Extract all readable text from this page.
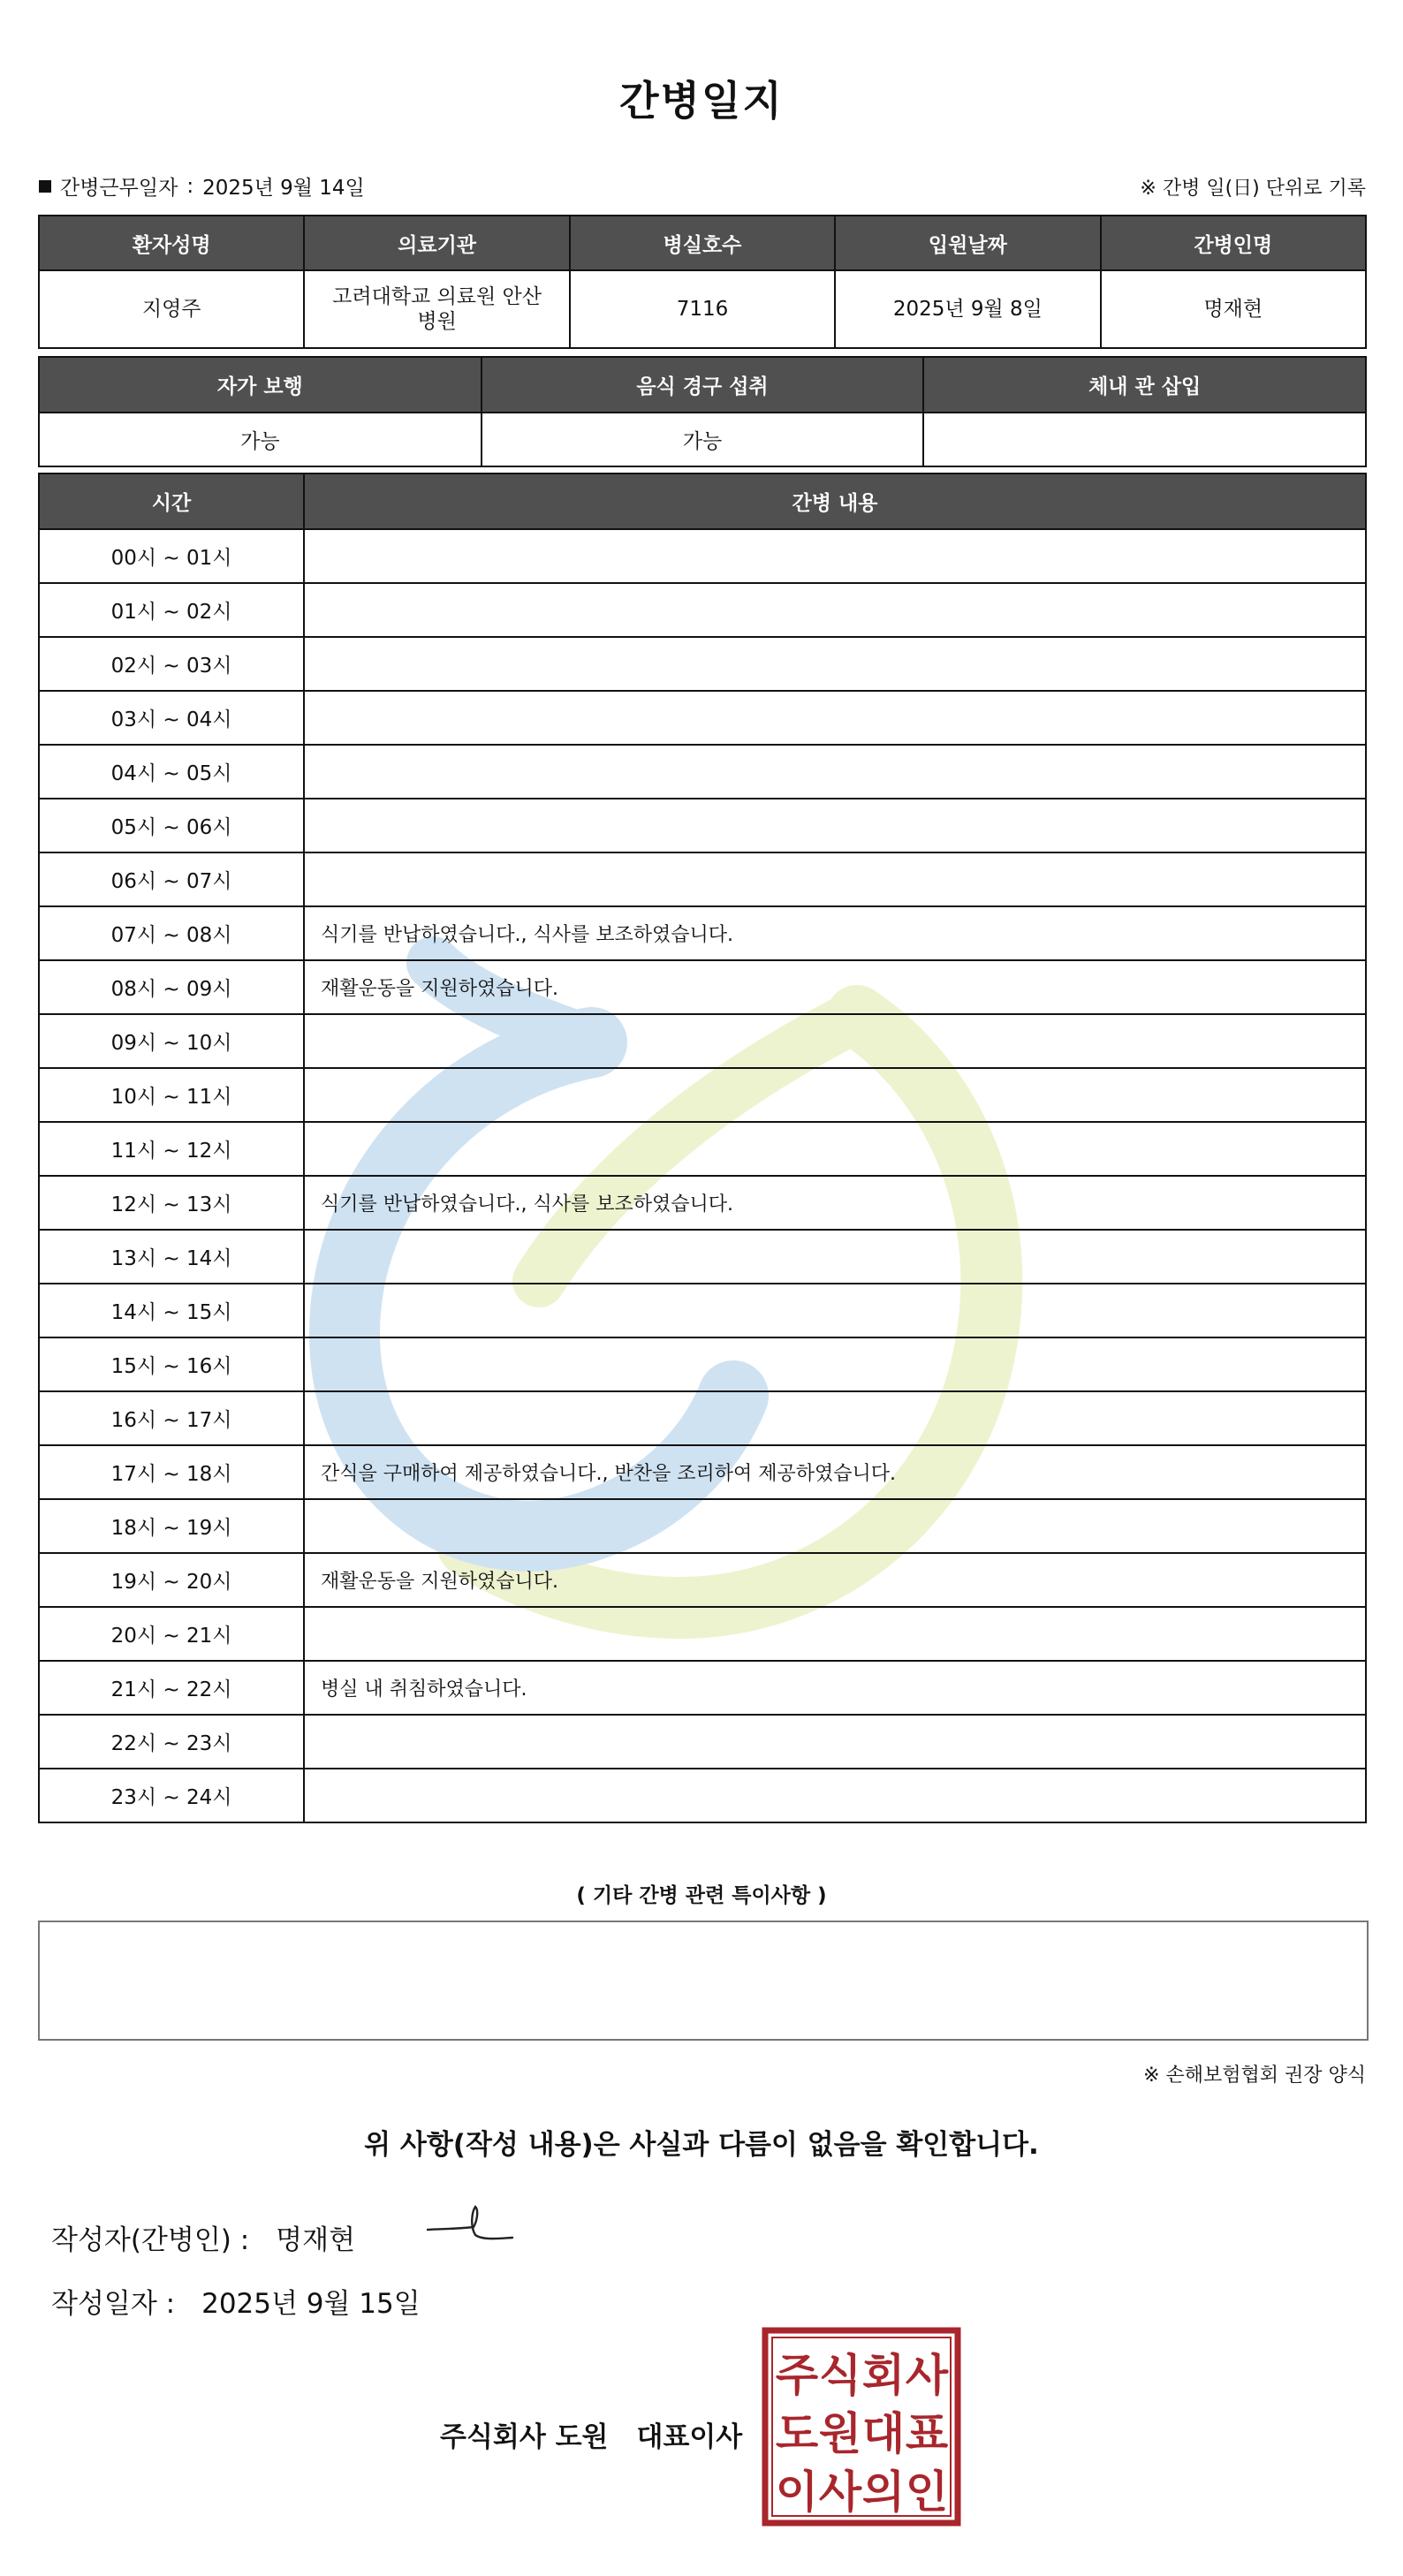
간병일지
간병근무일자 : 2025년 9월 14일	※ 간병 일(日) 단위로 기록
환자성명	의료기관	병실호수	입원날짜	간병인명
지영주	고려대학교 의료원 안산병원	7116	2025년 9월 8일	명재현
자가 보행	음식 경구 섭취	체내 관 삽입
가능	가능	
시간	간병 내용
00시 ~ 01시	
01시 ~ 02시	
02시 ~ 03시	
03시 ~ 04시	
04시 ~ 05시	
05시 ~ 06시	
06시 ~ 07시	
07시 ~ 08시	식기를 반납하였습니다., 식사를 보조하였습니다.
08시 ~ 09시	재활운동을 지원하였습니다.
09시 ~ 10시	
10시 ~ 11시	
11시 ~ 12시	
12시 ~ 13시	식기를 반납하였습니다., 식사를 보조하였습니다.
13시 ~ 14시	
14시 ~ 15시	
15시 ~ 16시	
16시 ~ 17시	
17시 ~ 18시	간식을 구매하여 제공하였습니다., 반찬을 조리하여 제공하였습니다.
18시 ~ 19시	
19시 ~ 20시	재활운동을 지원하였습니다.
20시 ~ 21시	
21시 ~ 22시	병실 내 취침하였습니다.
22시 ~ 23시	
23시 ~ 24시	
( 기타 간병 관련 특이사항 )
※ 손해보험협회 권장 양식
위 사항(작성 내용)은 사실과 다름이 없음을 확인합니다.
작성자(간병인) : 명재현
작성일자 : 2025년 9월 15일
주식회사 도원 대표이사
주 식 회 사
도 원 대 표
이 사 의 인
